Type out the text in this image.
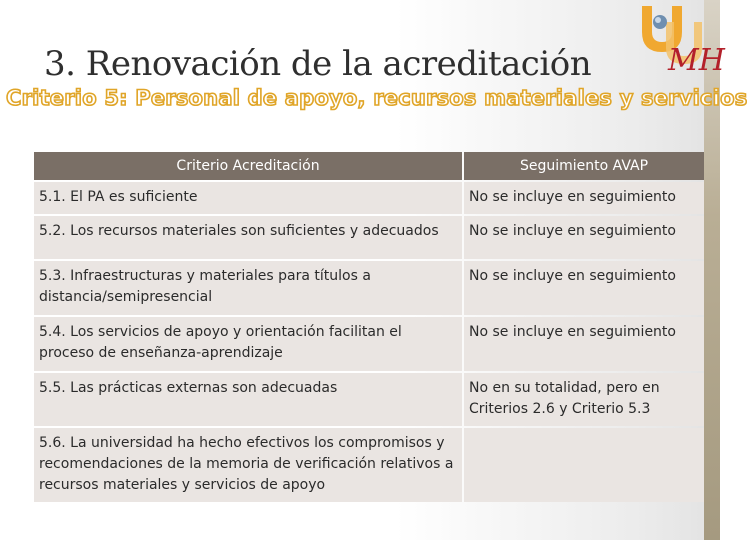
MH
3. Renovación de la acreditación
Criterio 5: Personal de apoyo, recursos materiales y servicios
Criterio Acreditación	Seguimiento AVAP
5.1. El PA es suficiente	No se incluye en seguimiento
5.2. Los recursos materiales son suficientes y adecuados	No se incluye en seguimiento
5.3. Infraestructuras y materiales para títulos a distancia/semipresencial	No se incluye en seguimiento
5.4. Los servicios de apoyo y orientación facilitan el proceso de enseñanza-aprendizaje	No se incluye en seguimiento
5.5. Las prácticas externas son adecuadas	No en su totalidad, pero en Criterios 2.6 y Criterio 5.3
5.6. La universidad ha hecho efectivos los compromisos y recomendaciones de la memoria de verificación relativos a recursos materiales y servicios de apoyo	
